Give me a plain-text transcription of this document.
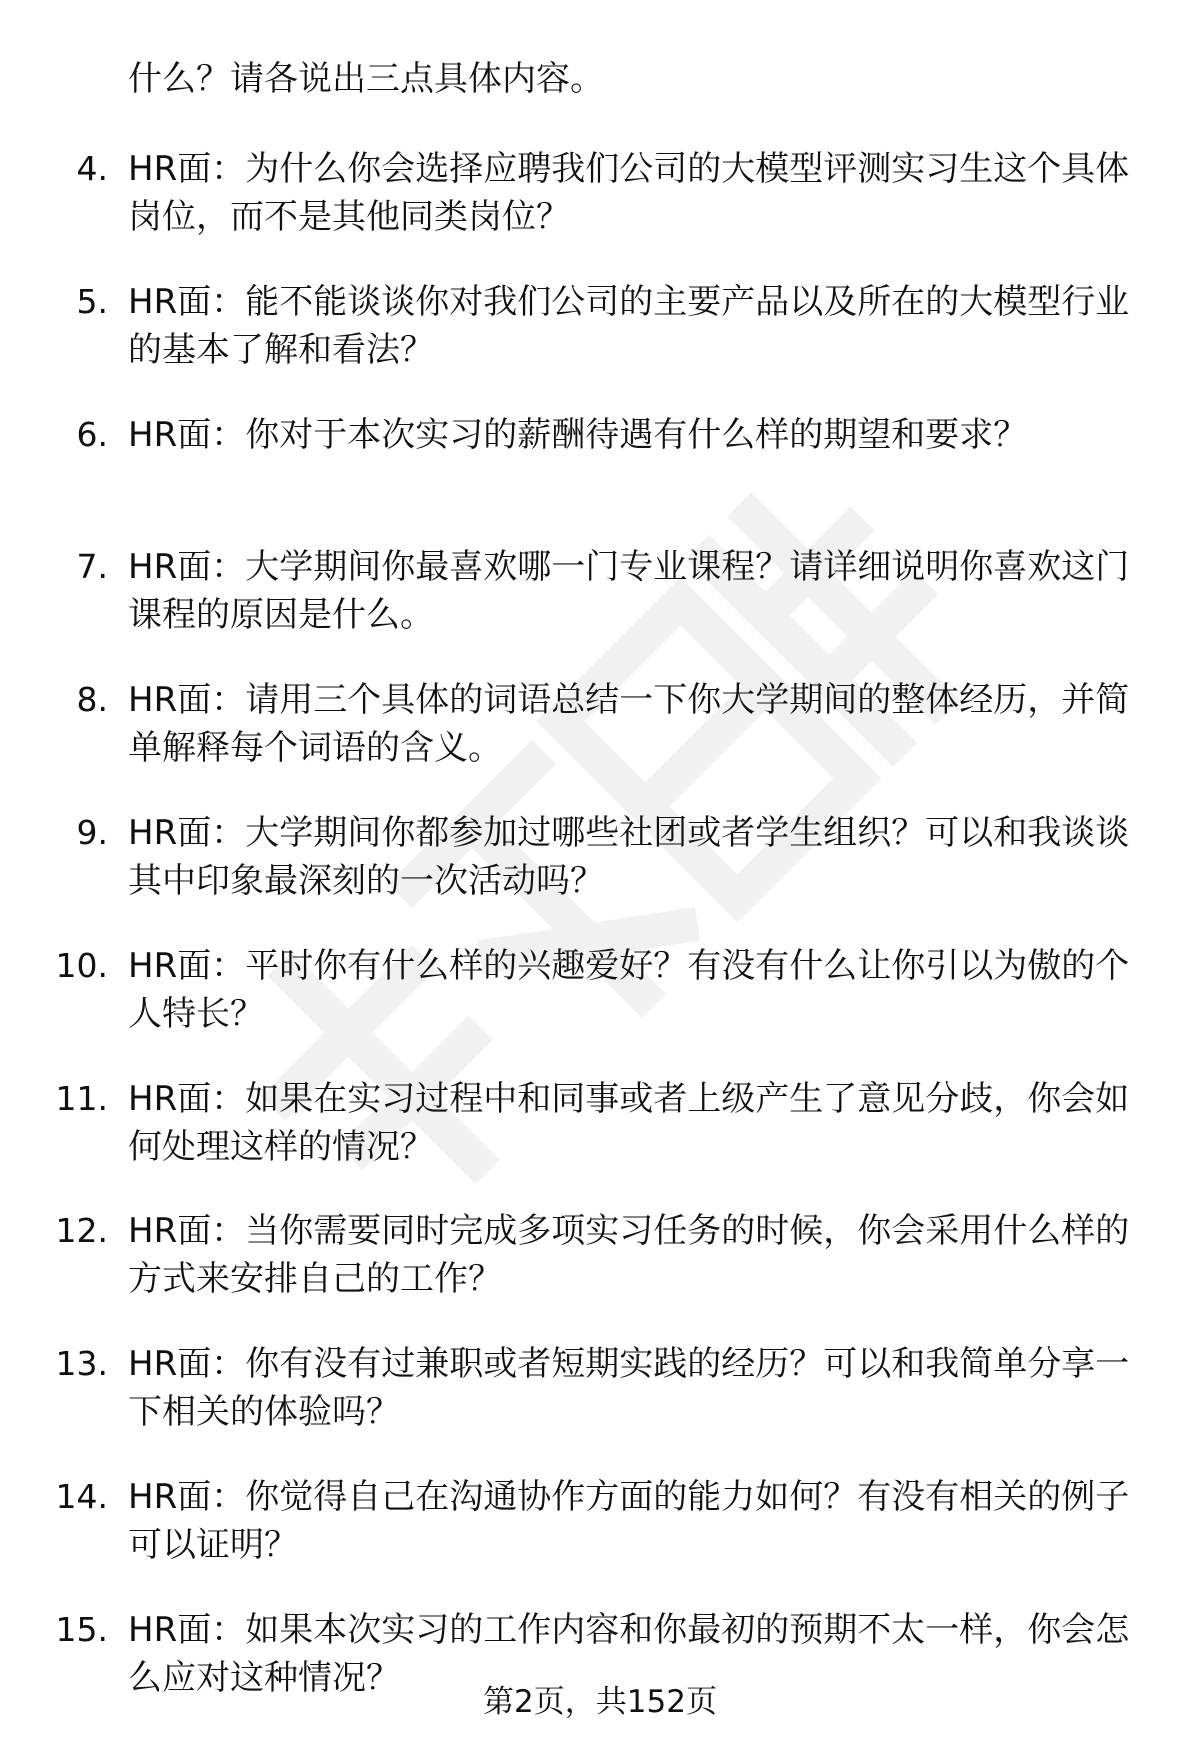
什么？请各说出三点具体内容。
4. HR面：为什么你会选择应聘我们公司的大模型评测实习生这个具体岗位，而不是其他同类岗位？
5. HR面：能不能谈谈你对我们公司的主要产品以及所在的大模型行业的基本了解和看法？
6. HR面：你对于本次实习的薪酬待遇有什么样的期望和要求？
7. HR面：大学期间你最喜欢哪一门专业课程？请详细说明你喜欢这门课程的原因是什么。
8. HR面：请用三个具体的词语总结一下你大学期间的整体经历，并简单解释每个词语的含义。
9. HR面：大学期间你都参加过哪些社团或者学生组织？可以和我谈谈其中印象最深刻的一次活动吗？
10. HR面：平时你有什么样的兴趣爱好？有没有什么让你引以为傲的个人特长？
11. HR面：如果在实习过程中和同事或者上级产生了意见分歧，你会如何处理这样的情况？
12. HR面：当你需要同时完成多项实习任务的时候，你会采用什么样的方式来安排自己的工作？
13. HR面：你有没有过兼职或者短期实践的经历？可以和我简单分享一下相关的体验吗？
14. HR面：你觉得自己在沟通协作方面的能力如何？有没有相关的例子可以证明？
15. HR面：如果本次实习的工作内容和你最初的预期不太一样，你会怎么应对这种情况？
第2页，共152页
